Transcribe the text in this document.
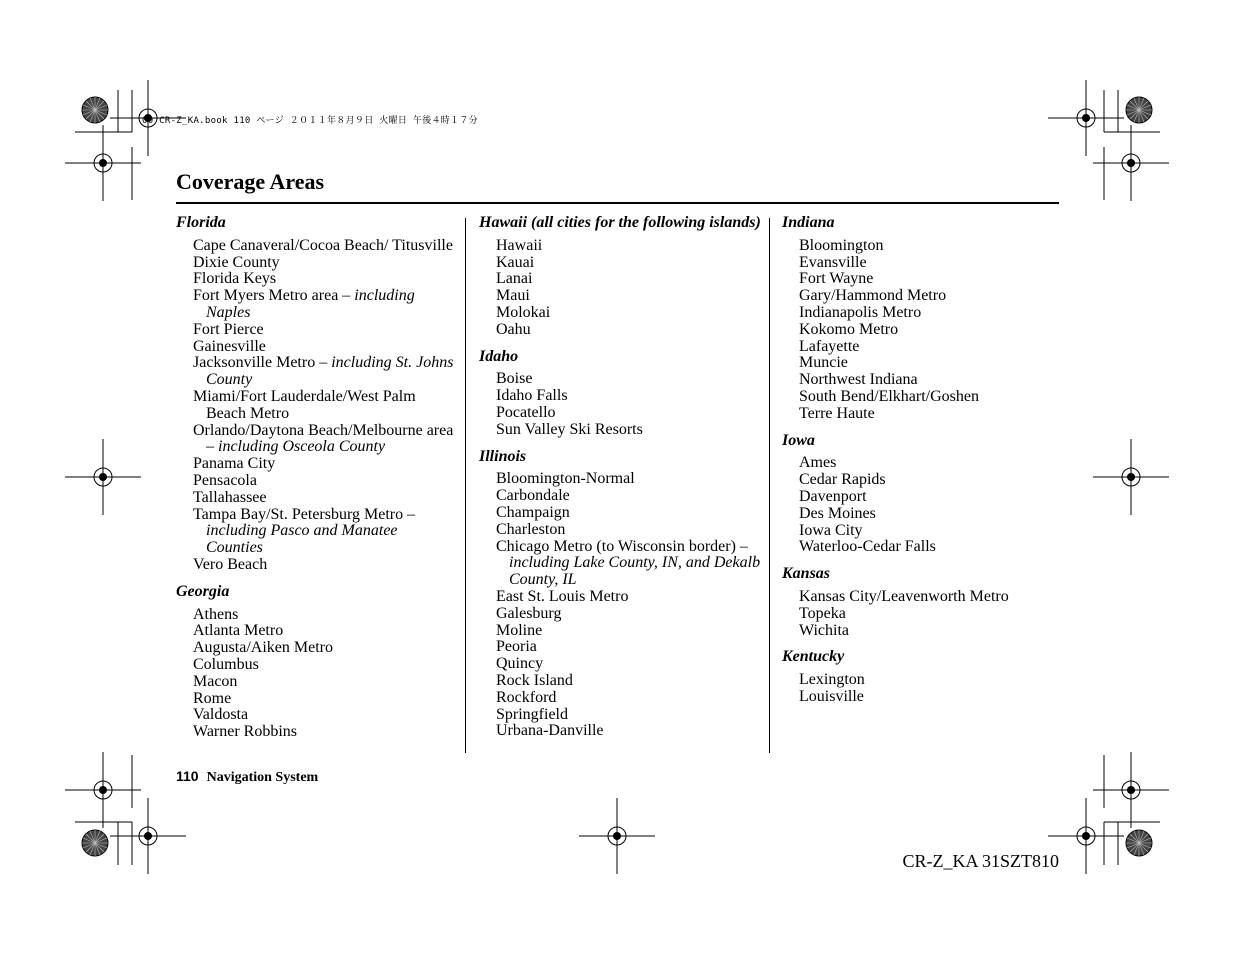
00 CR-Z_KA.book 110 ページ ２０１１年８月９日 火曜日 午後４時１７分
Coverage Areas
Florida
Cape Canaveral/Cocoa Beach/ Titusville
Dixie County
Florida Keys
Fort Myers Metro area – including Naples
Fort Pierce
Gainesville
Jacksonville Metro – including St. Johns County
Miami/Fort Lauderdale/West Palm Beach Metro
Orlando/Daytona Beach/Melbourne area – including Osceola County
Panama City
Pensacola
Tallahassee
Tampa Bay/St. Petersburg Metro – including Pasco and Manatee Counties
Vero Beach
Georgia
Athens
Atlanta Metro
Augusta/Aiken Metro
Columbus
Macon
Rome
Valdosta
Warner Robbins
Hawaii (all cities for the following islands)
Hawaii
Kauai
Lanai
Maui
Molokai
Oahu
Idaho
Boise
Idaho Falls
Pocatello
Sun Valley Ski Resorts
Illinois
Bloomington-Normal
Carbondale
Champaign
Charleston
Chicago Metro (to Wisconsin border) – including Lake County, IN, and Dekalb County, IL
East St. Louis Metro
Galesburg
Moline
Peoria
Quincy
Rock Island
Rockford
Springfield
Urbana-Danville
Indiana
Bloomington
Evansville
Fort Wayne
Gary/Hammond Metro
Indianapolis Metro
Kokomo Metro
Lafayette
Muncie
Northwest Indiana
South Bend/Elkhart/Goshen
Terre Haute
Iowa
Ames
Cedar Rapids
Davenport
Des Moines
Iowa City
Waterloo-Cedar Falls
Kansas
Kansas City/Leavenworth Metro
Topeka
Wichita
Kentucky
Lexington
Louisville
110 Navigation System
CR-Z_KA 31SZT810
